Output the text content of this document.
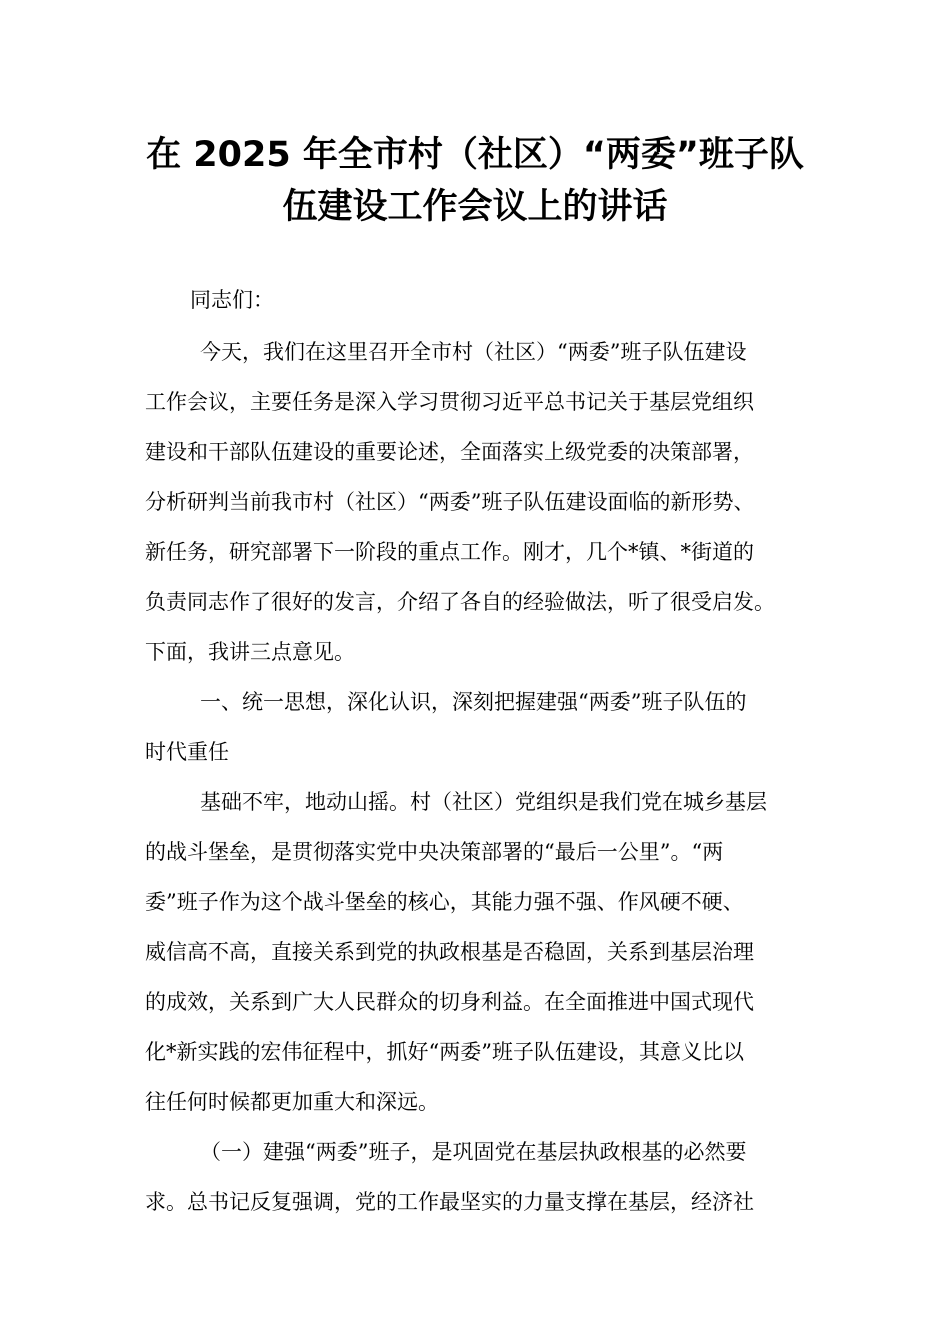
在 2025 年全市村（社区）“两委”班子队
伍建设工作会议上的讲话
同志们：
今天，我们在这里召开全市村（社区）“两委”班子队伍建设
工作会议，主要任务是深入学习贯彻习近平总书记关于基层党组织
建设和干部队伍建设的重要论述，全面落实上级党委的决策部署，
分析研判当前我市村（社区）“两委”班子队伍建设面临的新形势、
新任务，研究部署下一阶段的重点工作。刚才，几个*镇、*街道的
负责同志作了很好的发言，介绍了各自的经验做法，听了很受启发。
下面，我讲三点意见。
一、统一思想，深化认识，深刻把握建强“两委”班子队伍的
时代重任
基础不牢，地动山摇。村（社区）党组织是我们党在城乡基层
的战斗堡垒，是贯彻落实党中央决策部署的“最后一公里”。“两
委”班子作为这个战斗堡垒的核心，其能力强不强、作风硬不硬、
威信高不高，直接关系到党的执政根基是否稳固，关系到基层治理
的成效，关系到广大人民群众的切身利益。在全面推进中国式现代
化*新实践的宏伟征程中，抓好“两委”班子队伍建设，其意义比以
往任何时候都更加重大和深远。
（一）建强“两委”班子，是巩固党在基层执政根基的必然要
求。总书记反复强调，党的工作最坚实的力量支撑在基层，经济社
